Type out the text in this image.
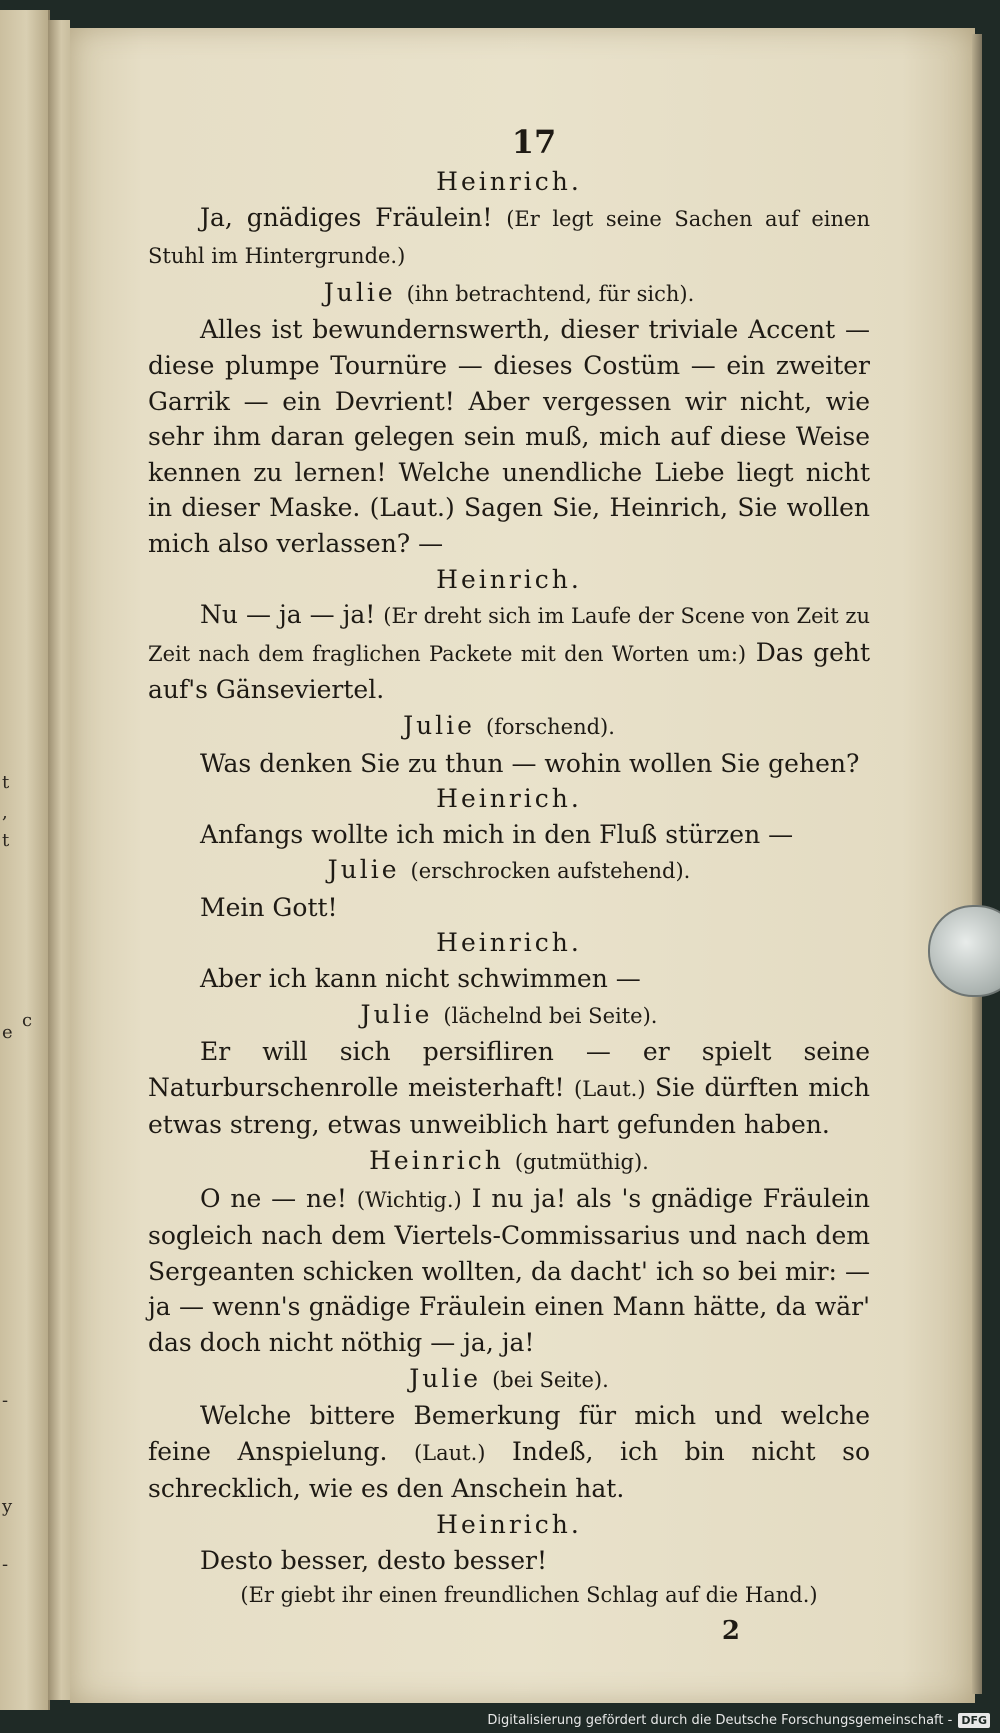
t
,
t
e
c
-
-
y
17
Heinrich.
Ja, gnädiges Fräulein! (Er legt seine Sachen auf einen Stuhl im Hintergrunde.)
Julie (ihn betrachtend, für sich).
Alles ist bewundernswerth, dieser triviale Accent — diese plumpe Tournüre — dieses Costüm — ein zweiter Garrik — ein Devrient! Aber vergessen wir nicht, wie sehr ihm daran gelegen sein muß, mich auf diese Weise kennen zu lernen! Welche unendliche Liebe liegt nicht in dieser Maske. (Laut.) Sagen Sie, Heinrich, Sie wollen mich also verlassen? —
Heinrich.
Nu — ja — ja! (Er dreht sich im Laufe der Scene von Zeit zu Zeit nach dem fraglichen Packete mit den Worten um:) Das geht auf's Gänseviertel.
Julie (forschend).
Was denken Sie zu thun — wohin wollen Sie gehen?
Heinrich.
Anfangs wollte ich mich in den Fluß stürzen —
Julie (erschrocken aufstehend).
Mein Gott!
Heinrich.
Aber ich kann nicht schwimmen —
Julie (lächelnd bei Seite).
Er will sich persifliren — er spielt seine Naturburschenrolle meisterhaft! (Laut.) Sie dürften mich etwas streng, etwas unweiblich hart gefunden haben.
Heinrich (gutmüthig).
O ne — ne! (Wichtig.) I nu ja! als 's gnädige Fräulein sogleich nach dem Viertels-Commissarius und nach dem Sergeanten schicken wollten, da dacht' ich so bei mir: — ja — wenn's gnädige Fräulein einen Mann hätte, da wär' das doch nicht nöthig — ja, ja!
Julie (bei Seite).
Welche bittere Bemerkung für mich und welche feine Anspielung. (Laut.) Indeß, ich bin nicht so schrecklich, wie es den Anschein hat.
Heinrich.
Desto besser, desto besser!
(Er giebt ihr einen freundlichen Schlag auf die Hand.)
2
Digitalisierung gefördert durch die Deutsche Forschungsgemeinschaft - DFG
